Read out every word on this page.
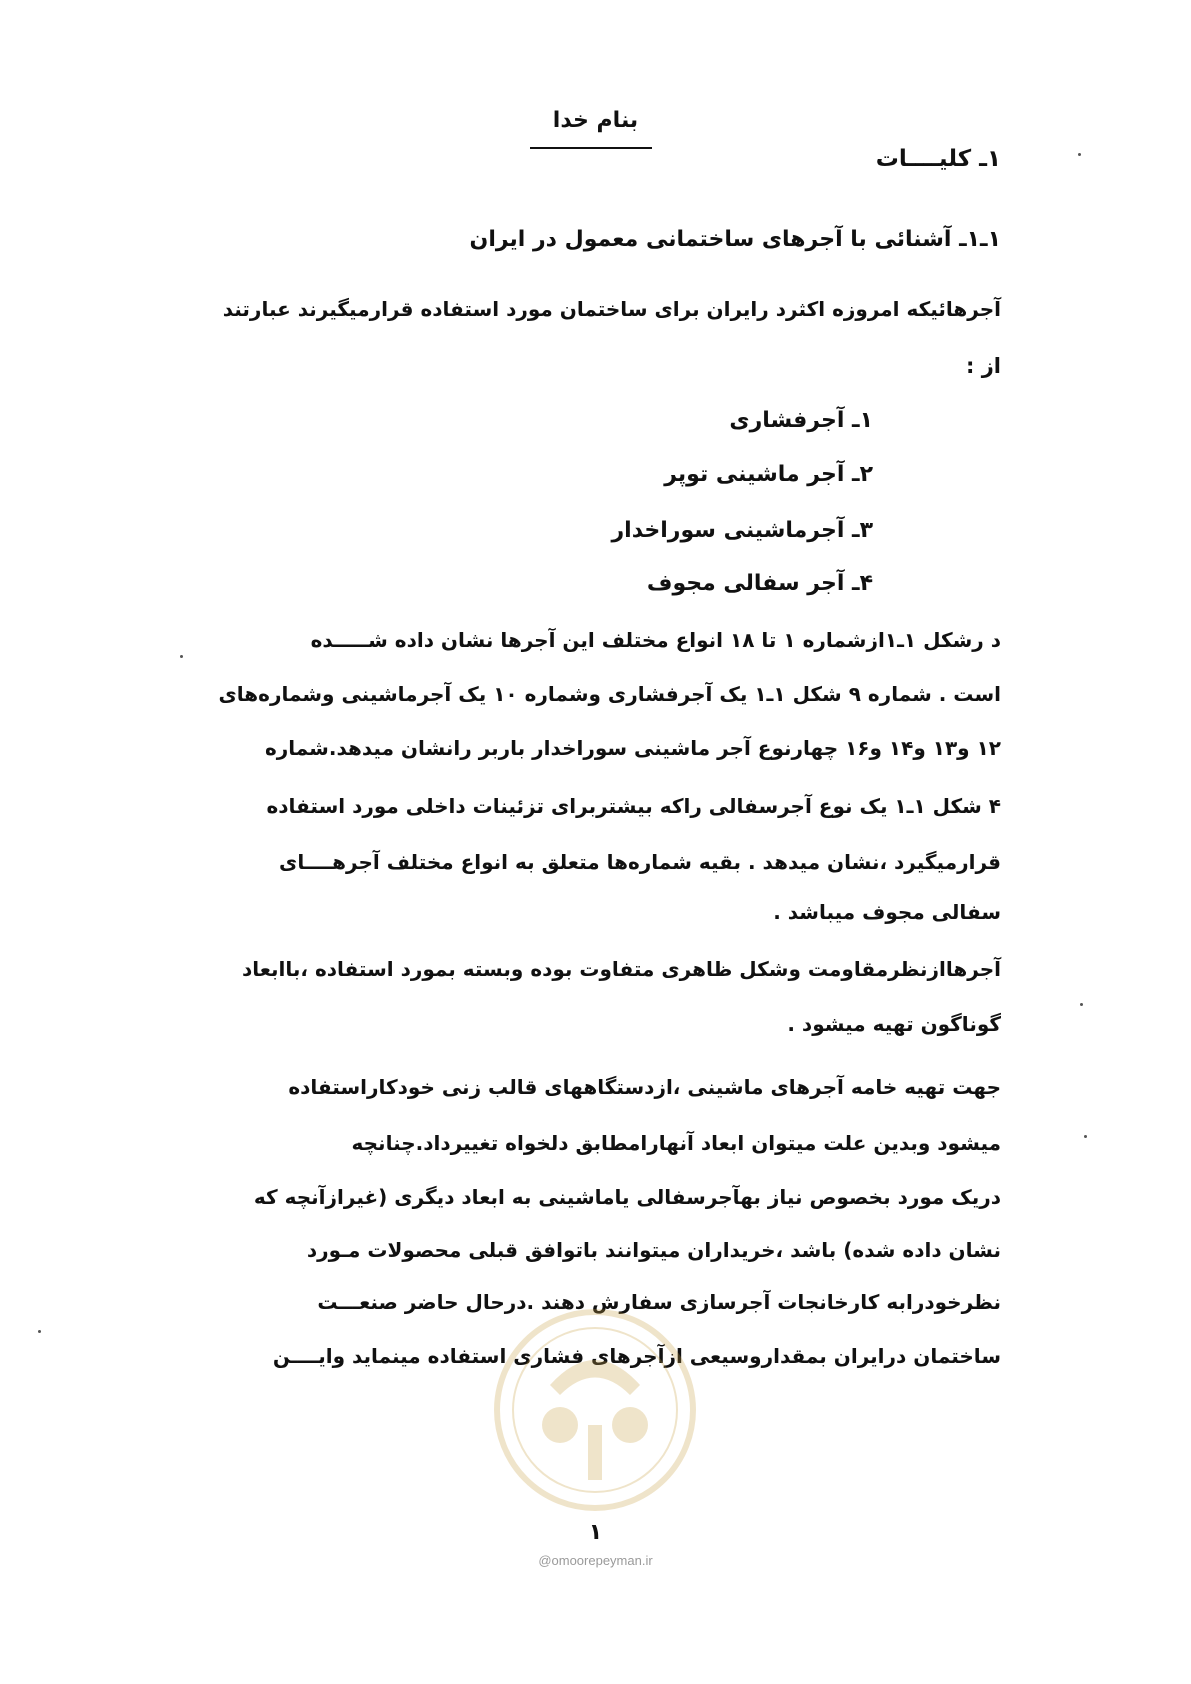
بنام خدا
۱ـ کلیــــات
۱ـ۱ـ آشنائی با آجرهای ساختمانی معمول در ایران
آجرهائیکه امروزه اکثرد رایران برای ساختمان مورد استفاده قرارمیگیرند عبارتند
از :
۱ـ آجرفشاری
۲ـ آجر ماشینی توپر
۳ـ آجرماشینی سوراخدار
۴ـ آجر سفالی مجوف
د رشکل ۱ـ۱ازشماره ۱ تا ۱۸ انواع مختلف این آجرها نشان داده شـــــده
است . شماره ۹ شکل ۱ـ۱ یک آجرفشاری وشماره ۱۰ یک آجرماشینی وشماره‌های
۱۲ و۱۳ و۱۴ و۱۶ چهارنوع آجر ماشینی سوراخدار باربر رانشان میدهد.شماره
۴ شکل ۱ـ۱ یک نوع آجرسفالی راکه بیشتربرای تزئینات داخلی مورد استفاده
قرارمیگیرد ،نشان میدهد . بقیه شماره‌ها متعلق به انواع مختلف آجرهــــای
سفالی مجوف میباشد .
آجرهاازنظرمقاومت وشکل ظاهری متفاوت بوده وبسته بمورد استفاده ،باابعاد
گوناگون تهیه میشود .
جهت تهیه خامه آجرهای ماشینی ،ازدستگاههای قالب زنی خودکاراستفاده
میشود وبدین علت میتوان ابعاد آنهارامطابق دلخواه تغییرداد.چنانچه
دریک مورد بخصوص نیاز بهآجرسفالی یاماشینی به ابعاد دیگری (غیرازآنچه که
نشان داده شده) باشد ،خریداران میتوانند باتوافق قبلی محصولات مـورد
نظرخودرابه کارخانجات آجرسازی سفارش دهند .درحال حاضر صنعـــت
ساختمان درایران بمقداروسیعی ازآجرهای فشاری استفاده مینماید وایــــن
۱
@omoorepeyman.ir
